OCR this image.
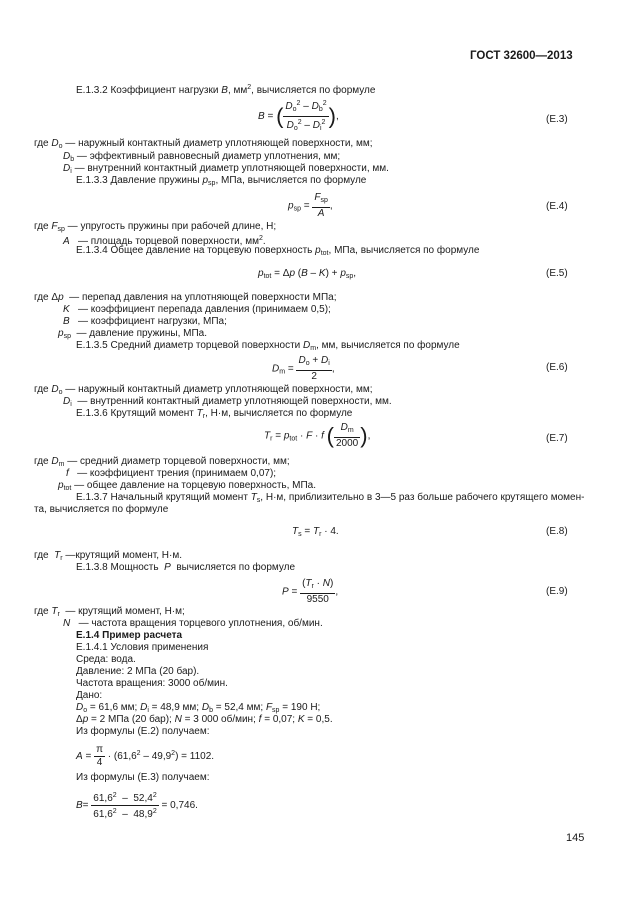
ГОСТ 32600—2013
Е.1.3.2 Коэффициент нагрузки B, $мм^2$, вычисляется по формуле
B = ( $\frac{D_o^2 - D_b^2}{D_o^2 - D_i^2}$ ),	(Е.3)
где $D_o$ — наружный контактный диаметр уплотняющей поверхности, мм;
$D_b$ — эффективный равновесный диаметр уплотнения, мм;
$D_i$ — внутренний контактный диаметр уплотняющей поверхности, мм.
Е.1.3.3 Давление пружины $p_{sp}$, МПа, вычисляется по формуле
$p_{sp} = \frac{F_{sp}}{A}$ ,	(Е.4)
где $F_{sp}$ — упругость пружины при рабочей длине, Н;
A   — площадь торцевой поверхности, $мм^2$.
Е.1.3.4 Общее давление на торцевую поверхность $p_{tot}$, МПа, вычисляется по формуле
$p_{tot} = \Delta p$ $(B - K) + p_{sp}$,	(Е.5)
где Δp  — перепад давления на уплотняющей поверхности МПа;
K   — коэффициент перепада давления (принимаем 0,5);
B   — коэффициент нагрузки, МПа;
$p_{sp}$  — давление пружины, МПа.
Е.1.3.5 Средний диаметр торцевой поверхности $D_m$, мм, вычисляется по формуле
$D_m = \frac{D_o + D_i}{2}$ ,	(Е.6)
где $D_o$ — наружный контактный диаметр уплотняющей поверхности, мм;
$D_i$  — внутренний контактный диаметр уплотняющей поверхности, мм.
Е.1.3.6 Крутящий момент $T_r$, Н·м, вычисляется по формуле
$T_r = p_{tot} \cdot F \cdot f$ ( $\frac{D_m}{2000}$ ),	(Е.7)
где $D_m$ — средний диаметр торцевой поверхности, мм;
f   — коэффициент трения (принимаем 0,07);
$p_{tot}$ — общее давление на торцевую поверхность, МПа.
Е.1.3.7 Начальный крутящий момент $T_s$, Н·м, приблизительно в 3—5 раз больше рабочего крутящего момен-
та, вычисляется по формуле
$T_s = T_r \cdot 4$.	(Е.8)
где  $T_r$ —крутящий момент, Н·м.
Е.1.3.8 Мощность  P  вычисляется по формуле
$P = \frac{(T_r \cdot N)}{9550}$ ,	(Е.9)
где $T_r$  — крутящий момент, Н·м;
N   — частота вращения торцевого уплотнения, об/мин.
Е.1.4 Пример расчета
Е.1.4.1 Условия применения
Среда: вода.
Давление: 2 МПа (20 бар).
Частота вращения: 3000 об/мин.
Дано:
$D_o = 61,6$ мм; $D_i = 48,9$ мм; $D_b = 52,4$ мм; $F_{sp} = 190$ Н;
Δp = 2 МПа (20 бар); N = 3 000 об/мин; f = 0,07; K = 0,5.
Из формулы (Е.2) получаем:
$A = \frac{\pi}{4} \cdot (61,6^2 - 49,9^2) = 1102$.
Из формулы (Е.3) получаем:
$B= \frac{61,6^2 - 52,4^2}{61,6^2 - 48,9^2} = 0,746$.
145
